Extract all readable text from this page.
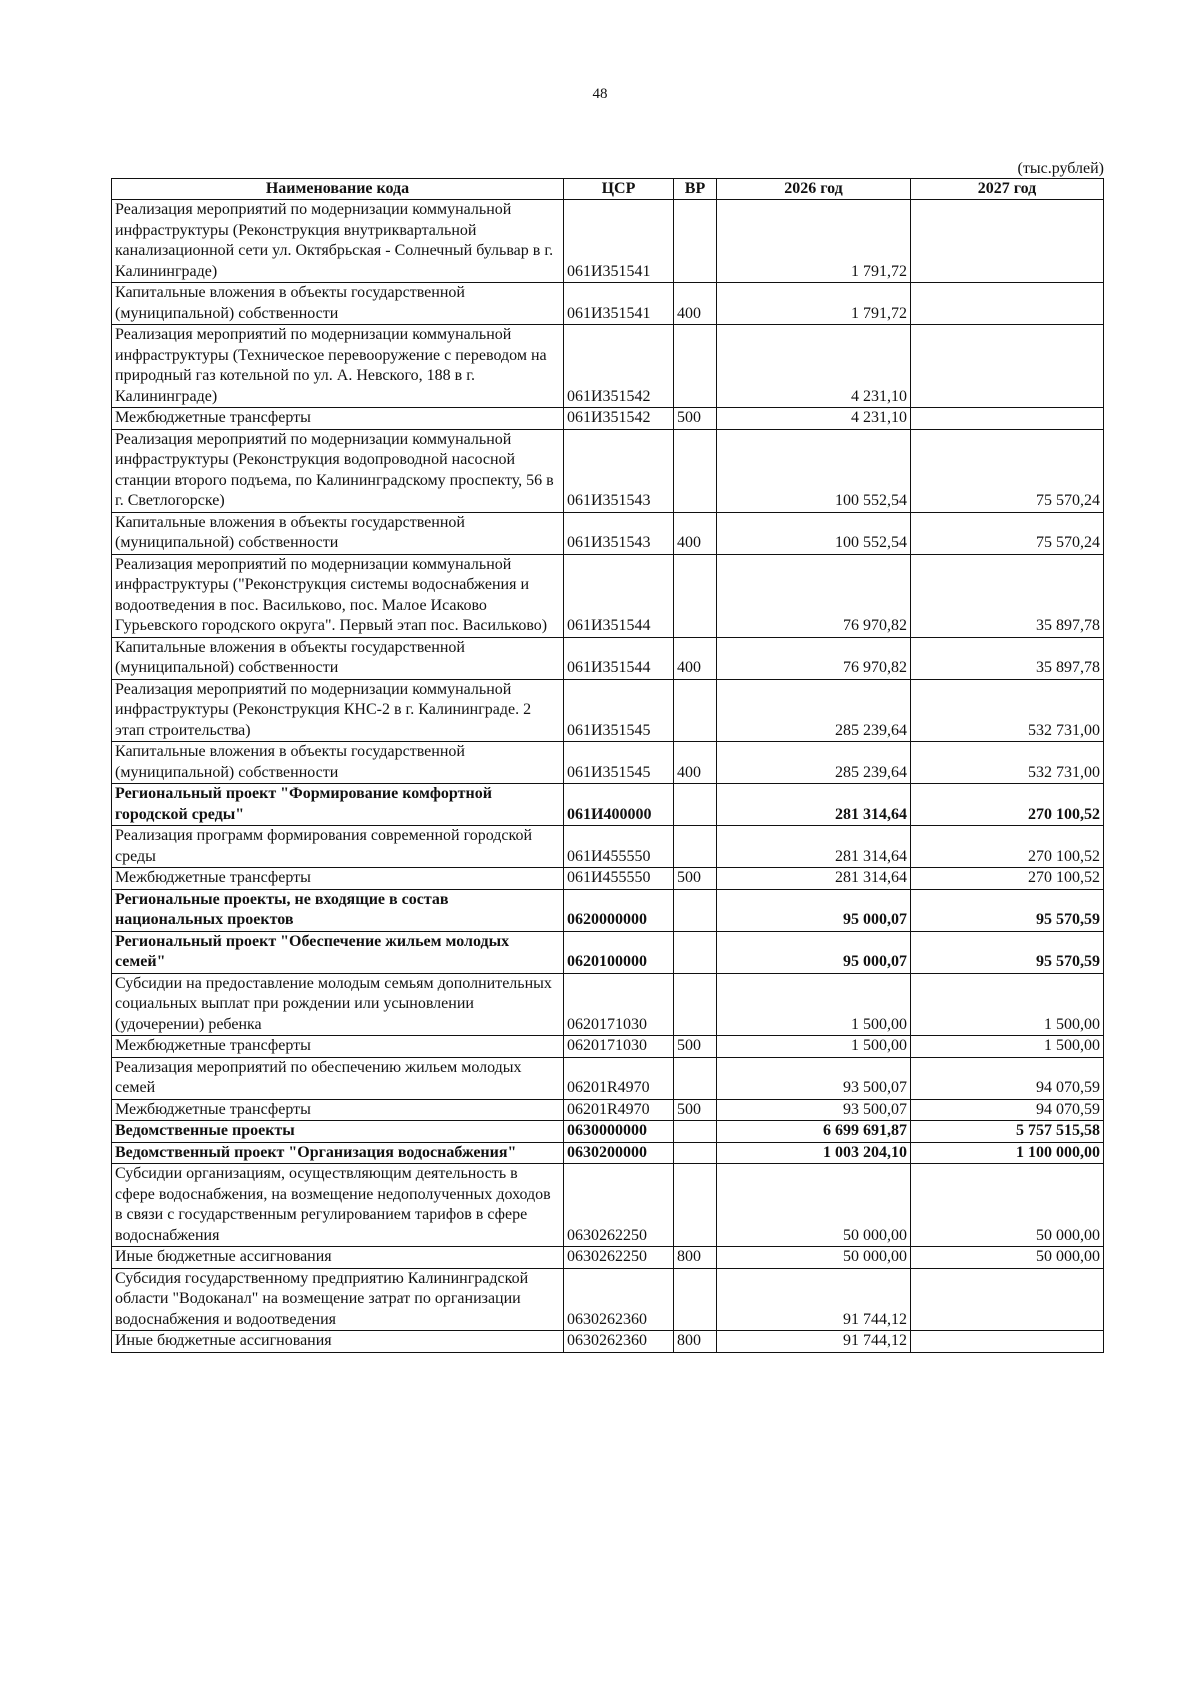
48
(тыс.рублей)
Наименование кода	ЦСР	ВР	2026 год	2027 год
Реализация мероприятий по модернизации коммунальной инфраструктуры (Реконструкция внутриквартальной канализационной сети ул. Октябрьская - Солнечный бульвар в г. Калининграде)	061И351541		1 791,72	
Капитальные вложения в объекты государственной (муниципальной) собственности	061И351541	400	1 791,72	
Реализация мероприятий по модернизации коммунальной инфраструктуры (Техническое перевооружение с переводом на природный газ котельной по ул. А. Невского, 188 в г. Калининграде)	061И351542		4 231,10	
Межбюджетные трансферты	061И351542	500	4 231,10	
Реализация мероприятий по модернизации коммунальной инфраструктуры (Реконструкция водопроводной насосной станции второго подъема, по Калининградскому проспекту, 56 в г. Светлогорске)	061И351543		100 552,54	75 570,24
Капитальные вложения в объекты государственной (муниципальной) собственности	061И351543	400	100 552,54	75 570,24
Реализация мероприятий по модернизации коммунальной инфраструктуры ("Реконструкция системы водоснабжения и водоотведения в пос. Васильково, пос. Малое Исаково Гурьевского городского округа". Первый этап пос. Васильково)	061И351544		76 970,82	35 897,78
Капитальные вложения в объекты государственной (муниципальной) собственности	061И351544	400	76 970,82	35 897,78
Реализация мероприятий по модернизации коммунальной инфраструктуры (Реконструкция КНС-2 в г. Калининграде. 2 этап строительства)	061И351545		285 239,64	532 731,00
Капитальные вложения в объекты государственной (муниципальной) собственности	061И351545	400	285 239,64	532 731,00
Региональный проект "Формирование комфортной городской среды"	061И400000		281 314,64	270 100,52
Реализация программ формирования современной городской среды	061И455550		281 314,64	270 100,52
Межбюджетные трансферты	061И455550	500	281 314,64	270 100,52
Региональные проекты, не входящие в состав национальных проектов	0620000000		95 000,07	95 570,59
Региональный проект "Обеспечение жильем молодых семей"	0620100000		95 000,07	95 570,59
Субсидии на предоставление молодым семьям дополнительных социальных выплат при рождении или усыновлении (удочерении) ребенка	0620171030		1 500,00	1 500,00
Межбюджетные трансферты	0620171030	500	1 500,00	1 500,00
Реализация мероприятий по обеспечению жильем молодых семей	06201R4970		93 500,07	94 070,59
Межбюджетные трансферты	06201R4970	500	93 500,07	94 070,59
Ведомственные проекты	0630000000		6 699 691,87	5 757 515,58
Ведомственный проект "Организация водоснабжения"	0630200000		1 003 204,10	1 100 000,00
Субсидии организациям, осуществляющим деятельность в сфере водоснабжения, на возмещение недополученных доходов в связи с государственным регулированием тарифов в сфере водоснабжения	0630262250		50 000,00	50 000,00
Иные бюджетные ассигнования	0630262250	800	50 000,00	50 000,00
Субсидия государственному предприятию Калининградской области "Водоканал" на возмещение затрат по организации водоснабжения и водоотведения	0630262360		91 744,12	
Иные бюджетные ассигнования	0630262360	800	91 744,12	
